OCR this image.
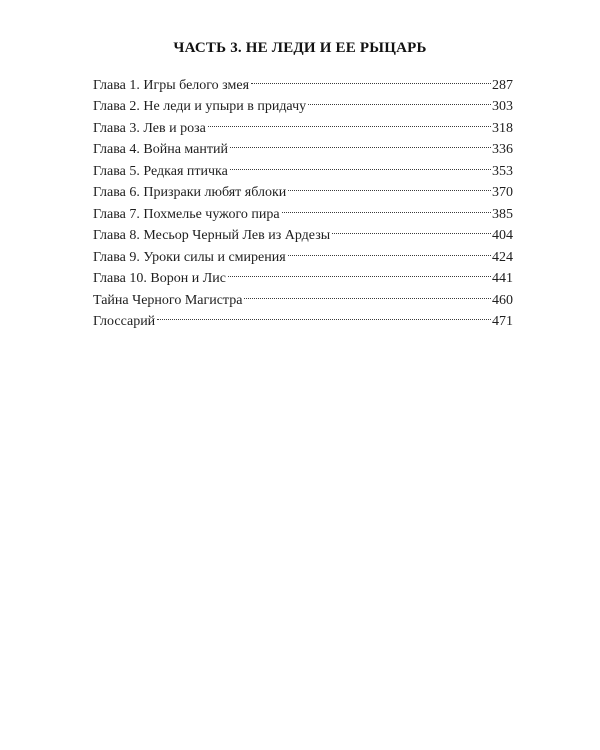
ЧАСТЬ 3. НЕ ЛЕДИ И ЕЕ РЫЦАРЬ
Глава 1. Игры белого змея	287
Глава 2. Не леди и упыри в придачу	303
Глава 3. Лев и роза	318
Глава 4. Война мантий	336
Глава 5. Редкая птичка	353
Глава 6. Призраки любят яблоки	370
Глава 7. Похмелье чужого пира	385
Глава 8. Месьор Черный Лев из Ардезы	404
Глава 9. Уроки силы и смирения	424
Глава 10. Ворон и Лис	441
Тайна Черного Магистра	460
Глоссарий	471
